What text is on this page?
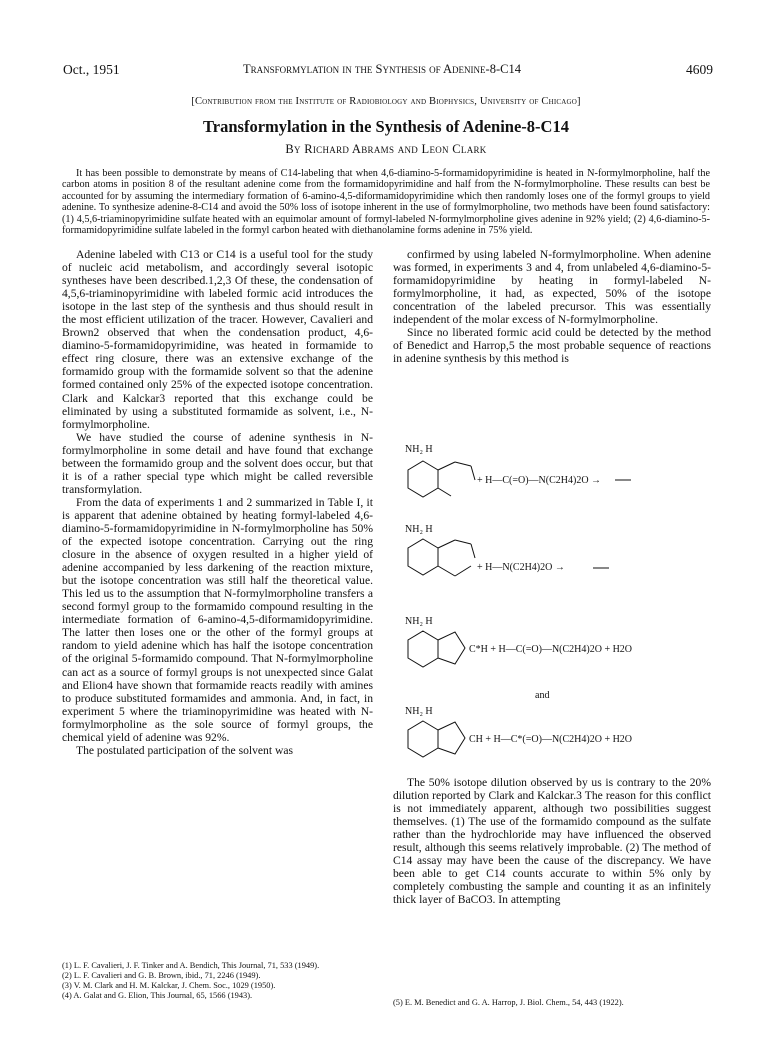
Oct., 1951	Transformylation in the Synthesis of Adenine-8-C14	4609
[Contribution from the Institute of Radiobiology and Biophysics, University of Chicago]
Transformylation in the Synthesis of Adenine-8-C14
By Richard Abrams and Leon Clark
It has been possible to demonstrate by means of C14-labeling that when 4,6-diamino-5-formamidopyrimidine is heated in N-formylmorpholine, half the carbon atoms in position 8 of the resultant adenine come from the formamidopyrimidine and half from the N-formylmorpholine. These results can best be accounted for by assuming the intermediary formation of 6-amino-4,5-diformamidopyrimidine which then randomly loses one of the formyl groups to yield adenine. To synthesize adenine-8-C14 and avoid the 50% loss of isotope inherent in the use of formylmorpholine, two methods have been found satisfactory: (1) 4,5,6-triaminopyrimidine sulfate heated with an equimolar amount of formyl-labeled N-formylmorpholine gives adenine in 92% yield; (2) 4,6-diamino-5-formamidopyrimidine sulfate labeled in the formyl carbon heated with diethanolamine forms adenine in 75% yield.

Adenine labeled with C13 or C14 is a useful tool for the study of nucleic acid metabolism, and accordingly several isotopic syntheses have been described.1,2,3 Of these, the condensation of 4,5,6-triaminopyrimidine with labeled formic acid introduces the isotope in the last step of the synthesis and thus should result in the most efficient utilization of the tracer. However, Cavalieri and Brown2 observed that when the condensation product, 4,6-diamino-5-formamidopyrimidine, was heated in formamide to effect ring closure, there was an extensive exchange of the formamido group with the formamide solvent so that the adenine formed contained only 25% of the expected isotope concentration. Clark and Kalckar3 reported that this exchange could be eliminated by using a substituted formamide as solvent, i.e., N-formylmorpholine.

We have studied the course of adenine synthesis in N-formylmorpholine in some detail and have found that exchange between the formamido group and the solvent does occur, but that it is of a rather special type which might be called reversible transformylation.

From the data of experiments 1 and 2 summarized in Table I, it is apparent that adenine obtained by heating formyl-labeled 4,6-diamino-5-formamidopyrimidine in N-formylmorpholine has 50% of the expected isotope concentration. Carrying out the ring closure in the absence of oxygen resulted in a higher yield of adenine accompanied by less darkening of the reaction mixture, but the isotope concentration was still half the theoretical value. This led us to the assumption that N-formylmorpholine transfers a second formyl group to the formamido compound resulting in the intermediate formation of 6-amino-4,5-diformamidopyrimidine. The latter then loses one or the other of the formyl groups at random to yield adenine which has half the isotope concentration of the original 5-formamido compound. That N-formylmorpholine can act as a source of formyl groups is not unexpected since Galat and Elion4 have shown that formamide reacts readily with amines to produce substituted formamides and ammonia. And, in fact, in experiment 5 where the triaminopyrimidine was heated with N-formylmorpholine as the sole source of formyl groups, the chemical yield of adenine was 92%.

The postulated participation of the solvent was

(1) L. F. Cavalieri, J. F. Tinker and A. Bendich, This Journal, 71, 533 (1949).

(2) L. F. Cavalieri and G. B. Brown, ibid., 71, 2246 (1949).

(3) V. M. Clark and H. M. Kalckar, J. Chem. Soc., 1029 (1950).

(4) A. Galat and G. Elion, This Journal, 65, 1566 (1943).

confirmed by using labeled N-formylmorpholine. When adenine was formed, in experiments 3 and 4, from unlabeled 4,6-diamino-5-formamidopyrimidine by heating in formyl-labeled N-formylmorpholine, it had, as expected, 50% of the isotope concentration of the labeled precursor. This was essentially independent of the molar excess of N-formylmorpholine.

Since no liberated formic acid could be detected by the method of Benedict and Harrop,5 the most probable sequence of reactions in adenine synthesis by this method is

NH₂ H
+ H—C(=O)—N(C2H4)2O →
NH₂ H
+ H—N(C2H4)2O →
NH₂ H
C*H + H—C(=O)—N(C2H4)2O + H2O
and
NH₂ H
CH + H—C*(=O)—N(C2H4)2O + H2O

The 50% isotope dilution observed by us is contrary to the 20% dilution reported by Clark and Kalckar.3 The reason for this conflict is not immediately apparent, although two possibilities suggest themselves. (1) The use of the formamido compound as the sulfate rather than the hydrochloride may have influenced the observed result, although this seems relatively improbable. (2) The method of C14 assay may have been the cause of the discrepancy. We have been able to get C14 counts accurate to within 5% only by completely combusting the sample and counting it as an infinitely thick layer of BaCO3. In attempting

(5) E. M. Benedict and G. A. Harrop, J. Biol. Chem., 54, 443 (1922).
